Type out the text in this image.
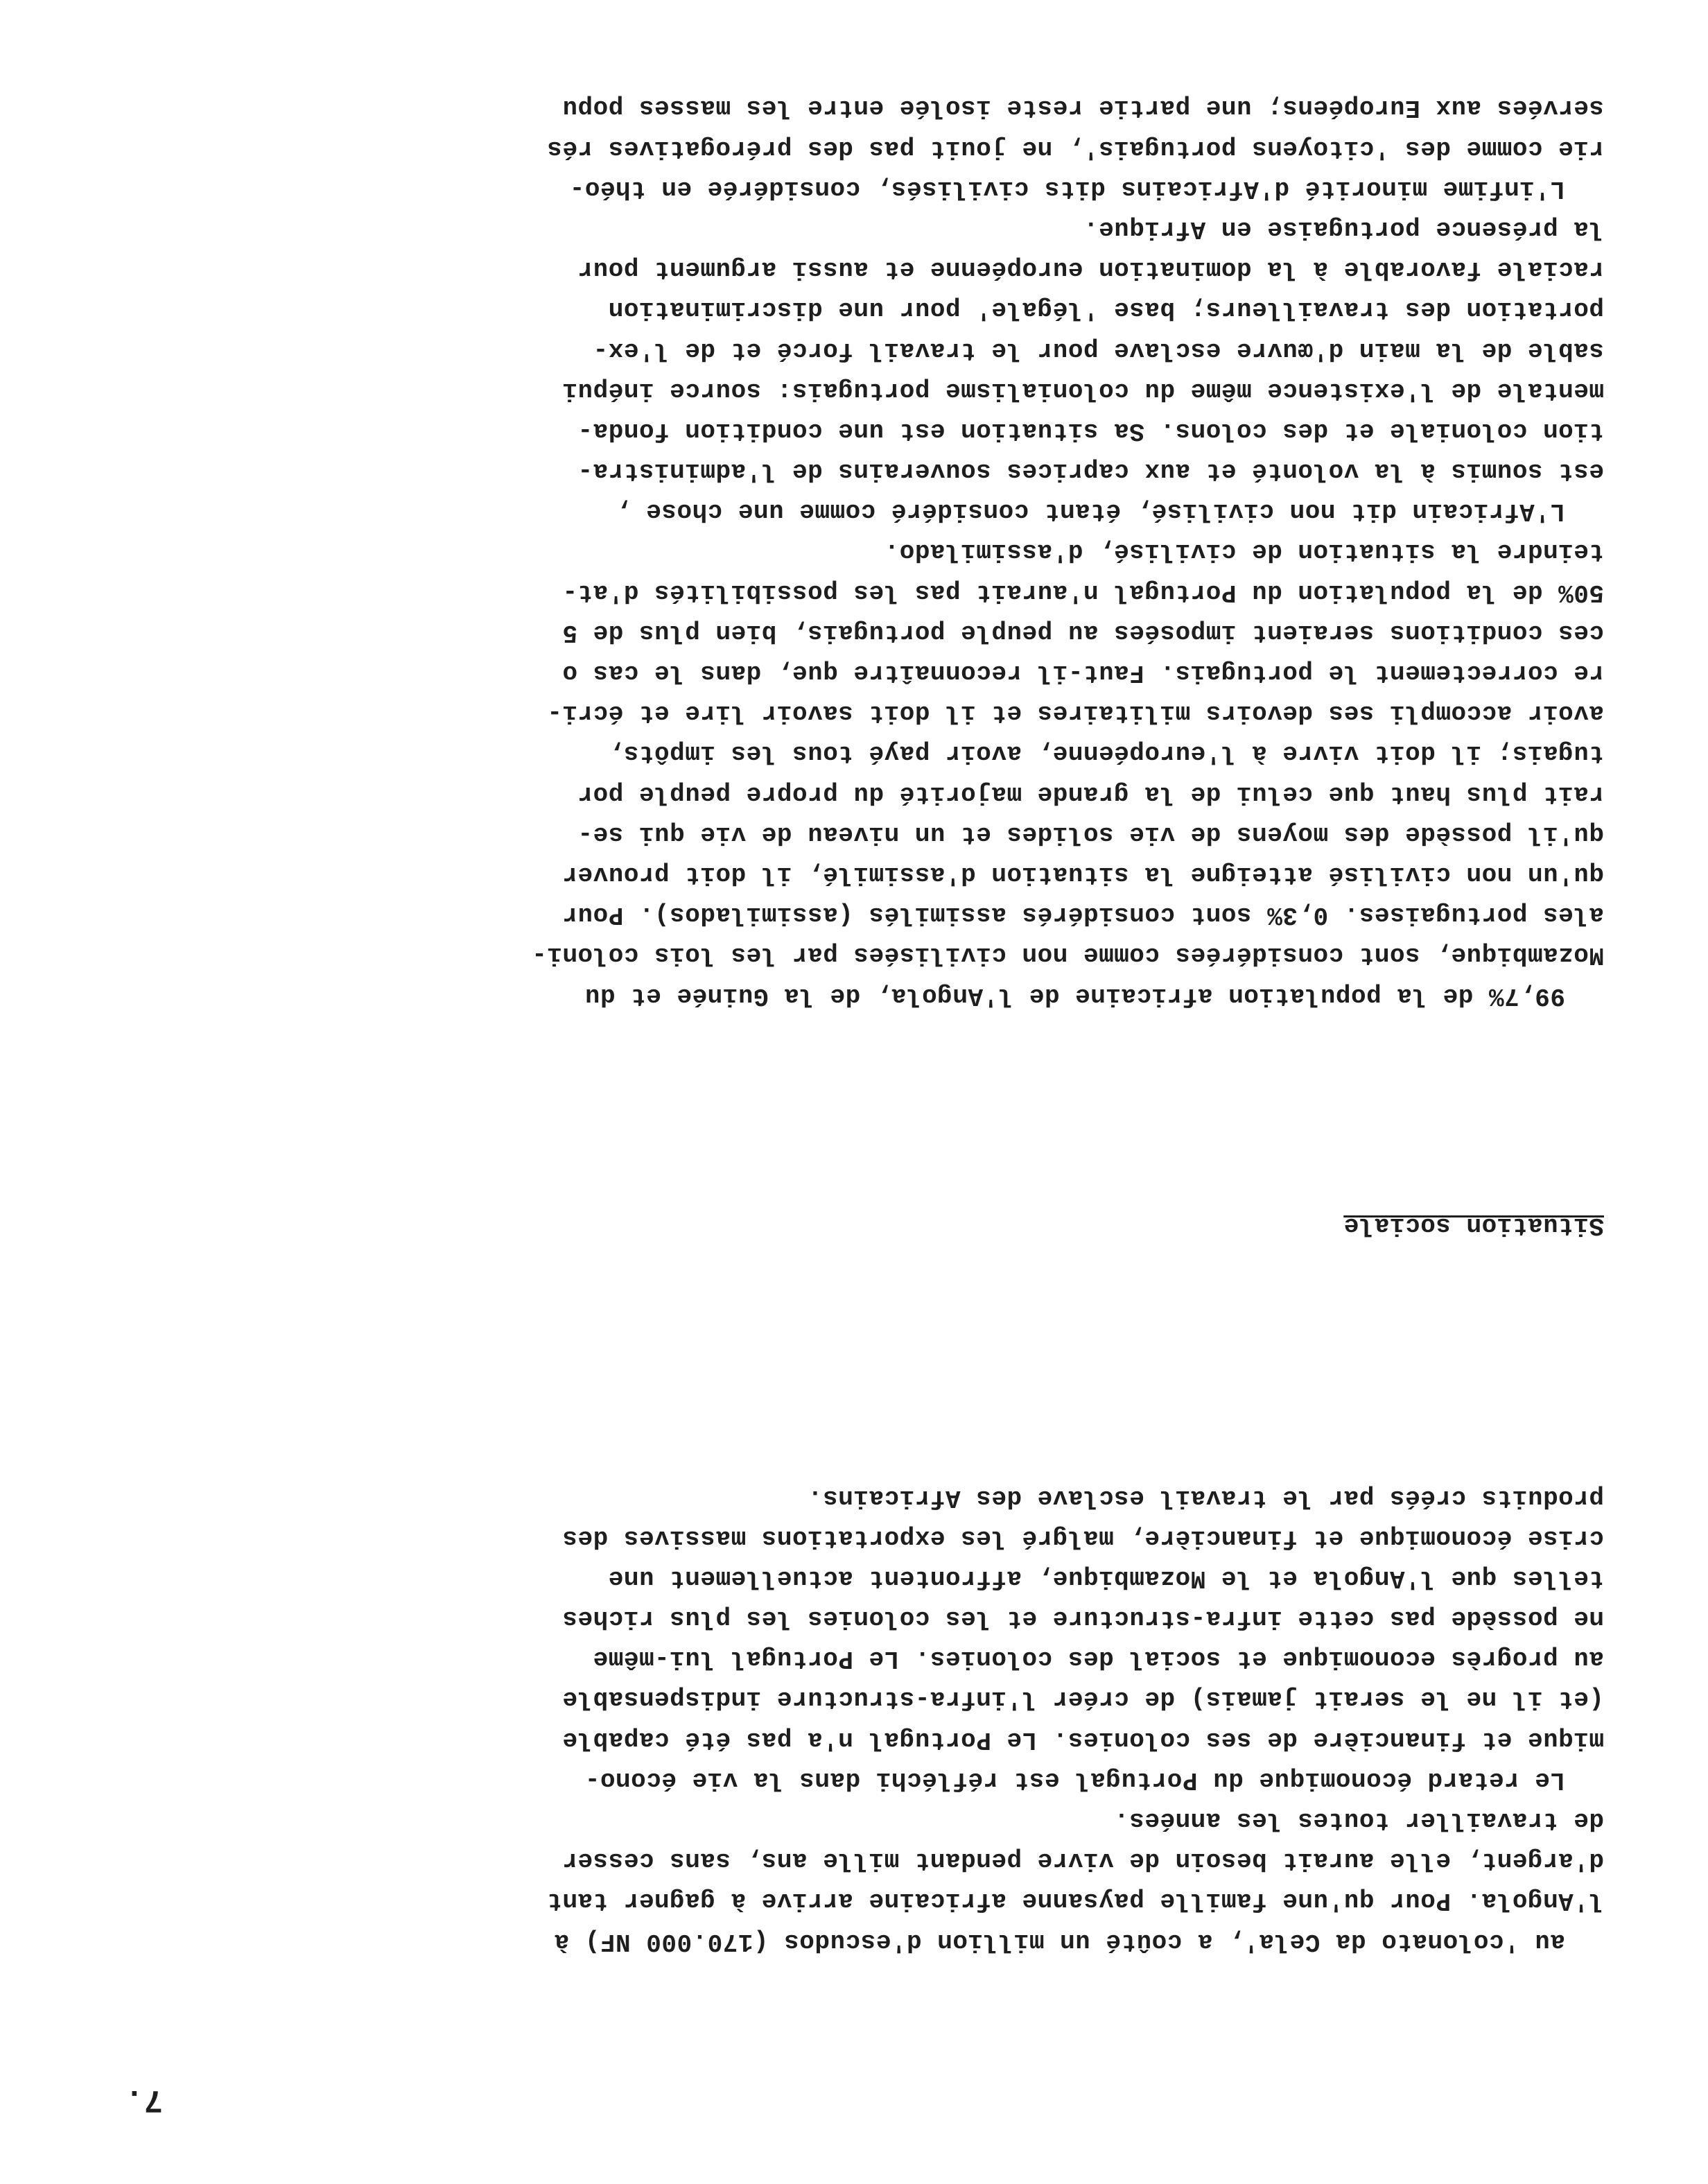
7.

au 'colonato da Cela', a coûté un million d'escudos (170.000 NF) à
l'Angola. Pour qu'une famille paysanne africaine arrive à gagner tant
d'argent, elle aurait besoin de vivre pendant mille ans, sans cesser
de travailler toutes les années.
Le retard économique du Portugal est réfléchi dans la vie écono-
mique et financière de ses colonies. Le Portugal n'a pas été capable
(et il ne le serait jamais) de créer l'infra-structure indispensable
au progrès economique et social des colonies. Le Portugal lui-même
ne possède pas cette infra-structure et les colonies les plus riches
telles que l'Angola et le Mozambique, affrontent actuellement une
crise économique et financière, malgré les exportations massives des
produits créés par le travail esclave des Africains.

Situation sociale

99,7% de la population africaine de l'Angola, de la Guinée et du
Mozambique, sont considérées comme non civilisées par les lois coloni-
ales portugaises. 0,3% sont considérés assimilés (assimilados). Pour
qu'un non civilisé atteigne la situation d'assimilé, il doit prouver
qu'il possède des moyens de vie solides et un niveau de vie qui se-
rait plus haut que celui de la grande majorité du propre peuple por
tugais; il doit vivre à l'européenne, avoir payé tous les impôts,
avoir accompli ses devoirs militaires et il doit savoir lire et écri-
re correctement le portugais. Faut-il reconnaître que, dans le cas o
ces conditions seraient imposées au peuple portugais, bien plus de 5
50% de la population du Portugal n'aurait pas les possibilités d'at-
teindre la situation de civilisé, d'assimilado.
L'Africain dit non civilisé, étant considéré comme une chose ,
est soumis à la volonté et aux caprices souverains de l'administra-
tion coloniale et des colons. Sa situation est une condition fonda-
mentale de l'existence même du colonialisme portugais: source inépui
sable de la main d'œuvre esclave pour le travail forcé et de l'ex-
portation des travailleurs; base 'légale' pour une discrimination
raciale favorable à la domination européenne et aussi argument pour
la présence portugaise en Afrique.
L'infime minorité d'Africains dits civilisés, considérée en théo-
rie comme des 'citoyens portugais', ne jouit pas des prérogatives rés
servées aux Européens; une partie reste isolée entre les masses popu
